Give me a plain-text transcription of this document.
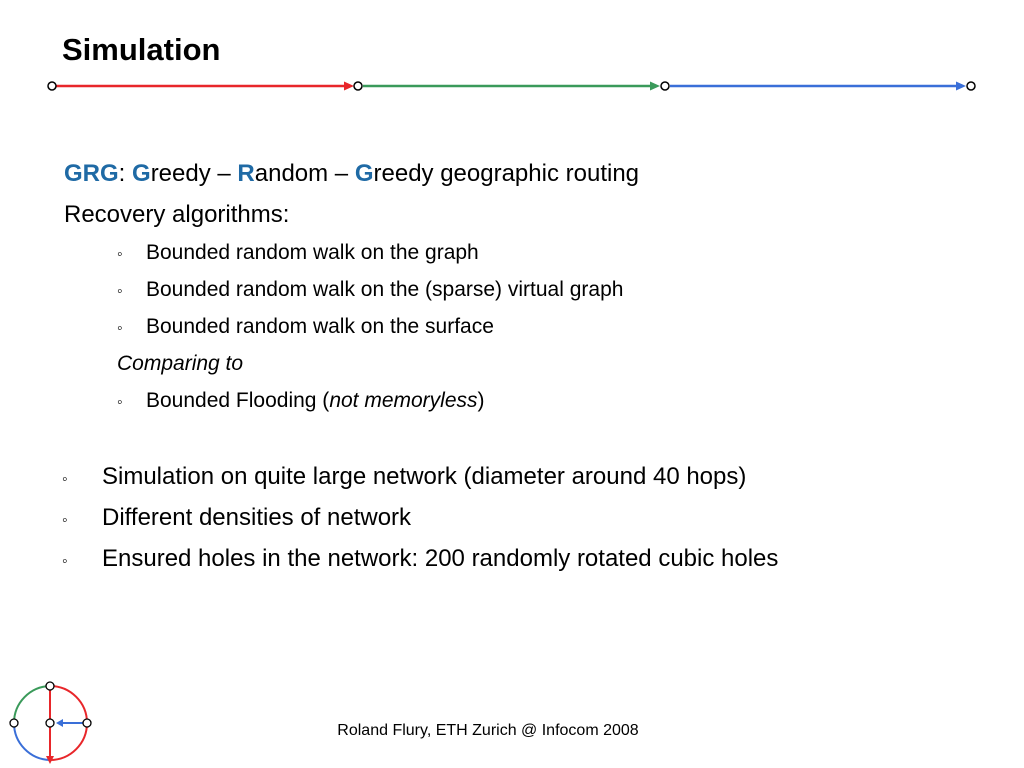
Simulation
GRG: Greedy – Random – Greedy geographic routing
Recovery algorithms:
◦ Bounded random walk on the graph
◦ Bounded random walk on the (sparse) virtual graph
◦ Bounded random walk on the surface
Comparing to
◦ Bounded Flooding (not memoryless)
◦ Simulation on quite large network (diameter around 40 hops)
◦ Different densities of network
◦ Ensured holes in the network: 200 randomly rotated cubic holes
Roland Flury, ETH Zurich @ Infocom 2008
